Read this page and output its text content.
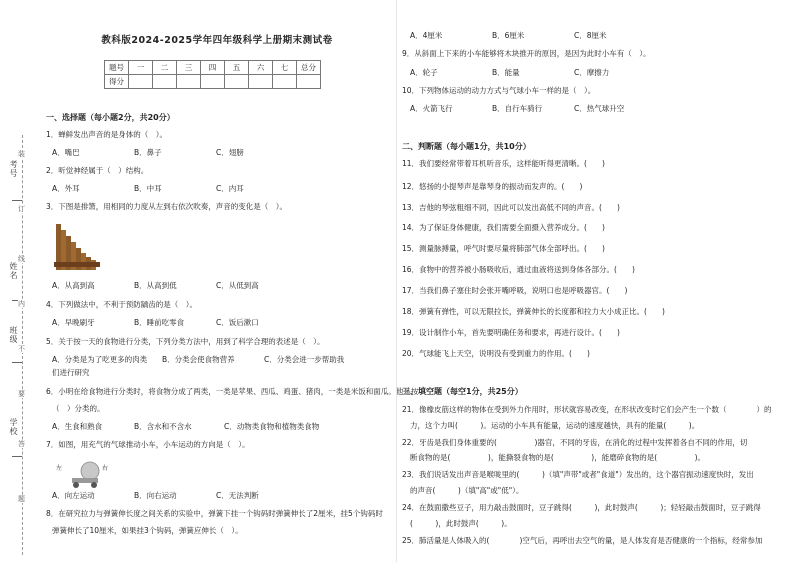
考号
姓名
班级
学校
装
订
线
内
不
要
答
题
教科版2024-2025学年四年级科学上册期末测试卷
题号	一	二	三	四	五	六	七	总分
得分								
一、选择题（每小题2分，共20分）
1．蝉鲜发出声音的是身体的（　）。
A．嘴巴	B．鼻子	C．翅膀
2．听觉神经属于（　）结构。
A．外耳	B．中耳	C．内耳
3．下图是排箫，用相同的力度从左到右依次吹奏，声音的变化是（　）。
A．从高到高	B．从高到低	C．从低到高
4．下列做法中，不利于预防龋齿的是（　）。
A．早晚刷牙	B．睡前吃零食	C．饭后漱口
5．关于按一天的食物进行分类，下列分类方法中，用到了科学合理的表述是（　）。
A．分类是为了吃更多的肉类 B．分类会使食物营养	C．分类会进一步帮助我
们进行研究
6．小明在给食物进行分类时，将食物分成了两类，一类是苹果、西瓜、鸡蛋、猪肉，一类是米饭和面瓜。他是按
（　）分类的。
A．生食和熟食	B．含水和不含水	C．动物类食物和植物类食物
7．如图，用充气的气球推动小车，小车运动的方向是（　）。
左	右
A．向左运动	B．向右运动	C．无法判断
8．在研究拉力与弹簧伸长度之间关系的实验中，弹簧下挂一个钩码时弹簧伸长了2厘米，挂5个钩码时
弹簧伸长了10厘米，如果挂3个钩码，弹簧应伸长（　）。
A．4厘米	B．6厘米	C．8厘米
9．从斜面上下来的小车能够将木块推开的原因，是因为此时小车有（　）。
A．轮子	B．能量	C．摩擦力
10．下列物体运动的动力方式与气球小车一样的是（　）。
A．火箭飞行	B．自行车骑行	C．热气球升空
二、判断题（每小题1分，共10分）
11．我们要经常带着耳机听音乐，这样能听得更清晰。(　　)
12．悠扬的小提琴声是靠琴身的振动而发声的。(　　)
13．吉他的琴弦粗细不同，因此可以发出高低不同的声音。(　　)
14．为了保证身体健康，我们需要全面摄入营养成分。(　　)
15．测量脉搏量，呼气时要尽量将肺部气体全部呼出。(　　)
16．食物中的营养被小肠吸收后，通过血液将送到身体各部分。(　　)
17．当我们鼻子塞住时会张开嘴呼吸，说明口也是呼吸器官。(　　)
18．弹簧有弹性，可以无限拉长，弹簧伸长的长度都和拉力大小成正比。(　　)
19．设计制作小车，首先要明确任务和要求，再进行设计。(　　)
20．气球能飞上天空，说明没有受到重力的作用。(　　)
三、填空题（每空1分，共25分）
21．像橡皮筋这样的物体在受到外力作用时，形状就容易改变，在形状改变时它们会产生一个数（　　　　）的
力，这个力叫(　　　)。运动的小车具有能量，运动的速度越快，具有的能量(　　　)。
22．牙齿是我们身体重要的(　　　　　)器官，不同的牙齿，在消化的过程中发挥着各自不同的作用，切
断食物的是(　　　　　)，能撕裂食物的是(　　　　　)，能磨碎食物的是(　　　　　)。
23．我们说话发出声音是喉咙里的(　　　)（填"声带"或者"食道"）发出的，这个器官振动速度快时，发出
的声音(　　　)（填"高"或"低"）。
24．在鼓面撒些豆子，用力敲击鼓面时，豆子跳得(　　　)，此时鼓声(　　　)；轻轻敲击鼓面时，豆子跳得
(　　　)，此时鼓声(　　　)。
25．肺活量是人体吸入的(　　　　)空气后，再呼出去空气的量，是人体发育是否健康的一个指标，经常参加
